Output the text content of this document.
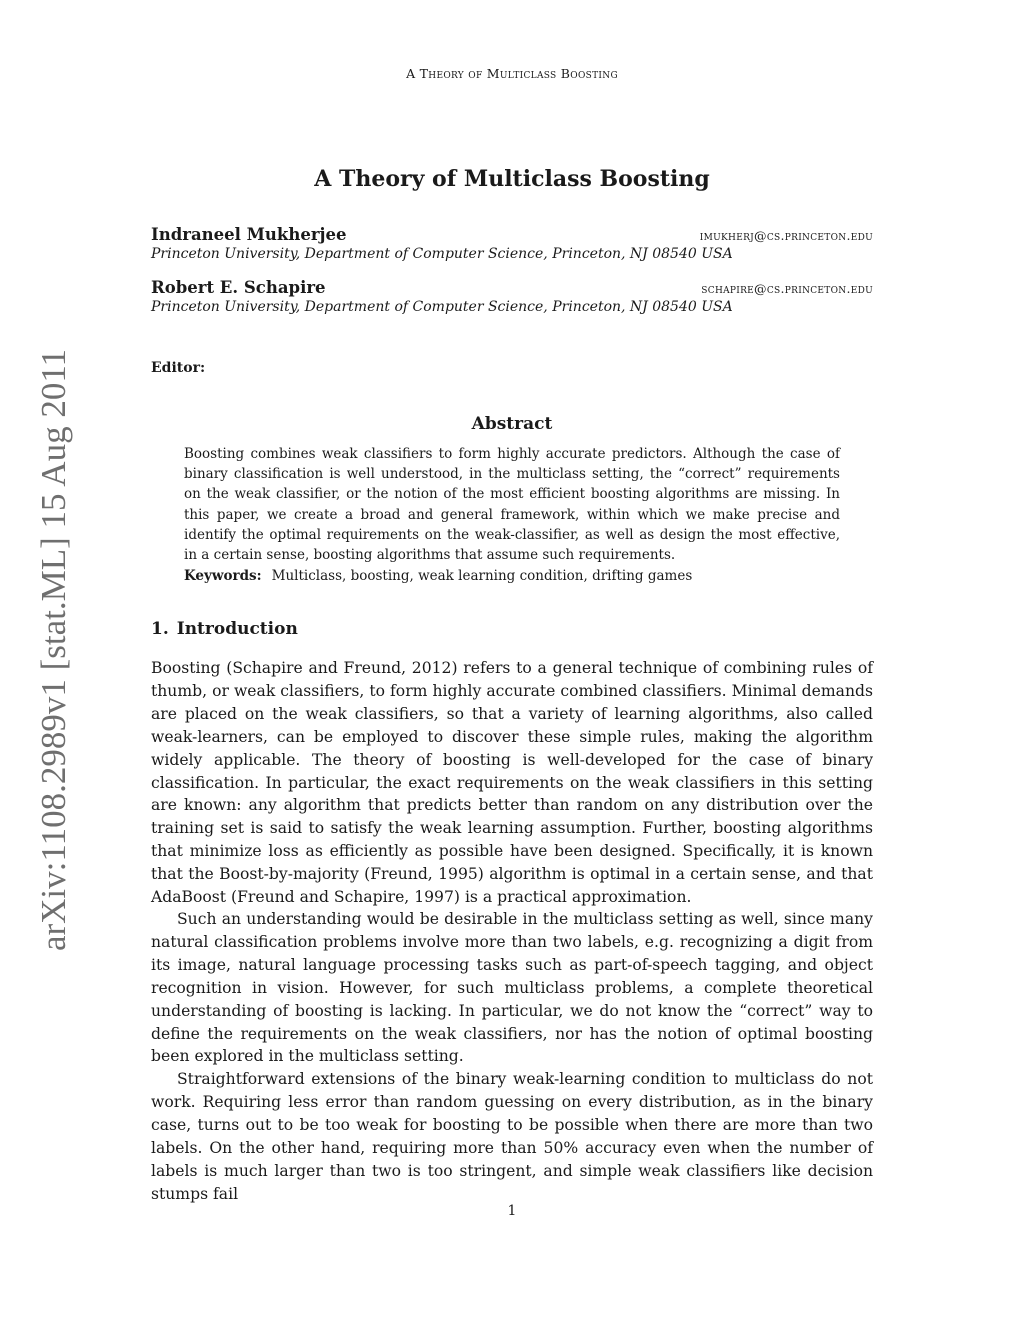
A Theory of Multiclass Boosting
arXiv:1108.2989v1 [stat.ML] 15 Aug 2011
A Theory of Multiclass Boosting
Indraneel Mukherjee	imukherj@cs.princeton.edu
Princeton University, Department of Computer Science, Princeton, NJ 08540 USA
Robert E. Schapire	schapire@cs.princeton.edu
Princeton University, Department of Computer Science, Princeton, NJ 08540 USA
Editor:
Abstract

Boosting combines weak classifiers to form highly accurate predictors. Although the case of binary classification is well understood, in the multiclass setting, the “correct” requirements on the weak classifier, or the notion of the most efficient boosting algorithms are missing. In this paper, we create a broad and general framework, within which we make precise and identify the optimal requirements on the weak-classifier, as well as design the most effective, in a certain sense, boosting algorithms that assume such requirements.

Keywords: Multiclass, boosting, weak learning condition, drifting games
1. Introduction

Boosting (Schapire and Freund, 2012) refers to a general technique of combining rules of thumb, or weak classifiers, to form highly accurate combined classifiers. Minimal demands are placed on the weak classifiers, so that a variety of learning algorithms, also called weak-learners, can be employed to discover these simple rules, making the algorithm widely applicable. The theory of boosting is well-developed for the case of binary classification. In particular, the exact requirements on the weak classifiers in this setting are known: any algorithm that predicts better than random on any distribution over the training set is said to satisfy the weak learning assumption. Further, boosting algorithms that minimize loss as efficiently as possible have been designed. Specifically, it is known that the Boost-by-majority (Freund, 1995) algorithm is optimal in a certain sense, and that AdaBoost (Freund and Schapire, 1997) is a practical approximation.

Such an understanding would be desirable in the multiclass setting as well, since many natural classification problems involve more than two labels, e.g. recognizing a digit from its image, natural language processing tasks such as part-of-speech tagging, and object recognition in vision. However, for such multiclass problems, a complete theoretical understanding of boosting is lacking. In particular, we do not know the “correct” way to define the requirements on the weak classifiers, nor has the notion of optimal boosting been explored in the multiclass setting.

Straightforward extensions of the binary weak-learning condition to multiclass do not work. Requiring less error than random guessing on every distribution, as in the binary case, turns out to be too weak for boosting to be possible when there are more than two labels. On the other hand, requiring more than 50% accuracy even when the number of labels is much larger than two is too stringent, and simple weak classifiers like decision stumps fail

1
